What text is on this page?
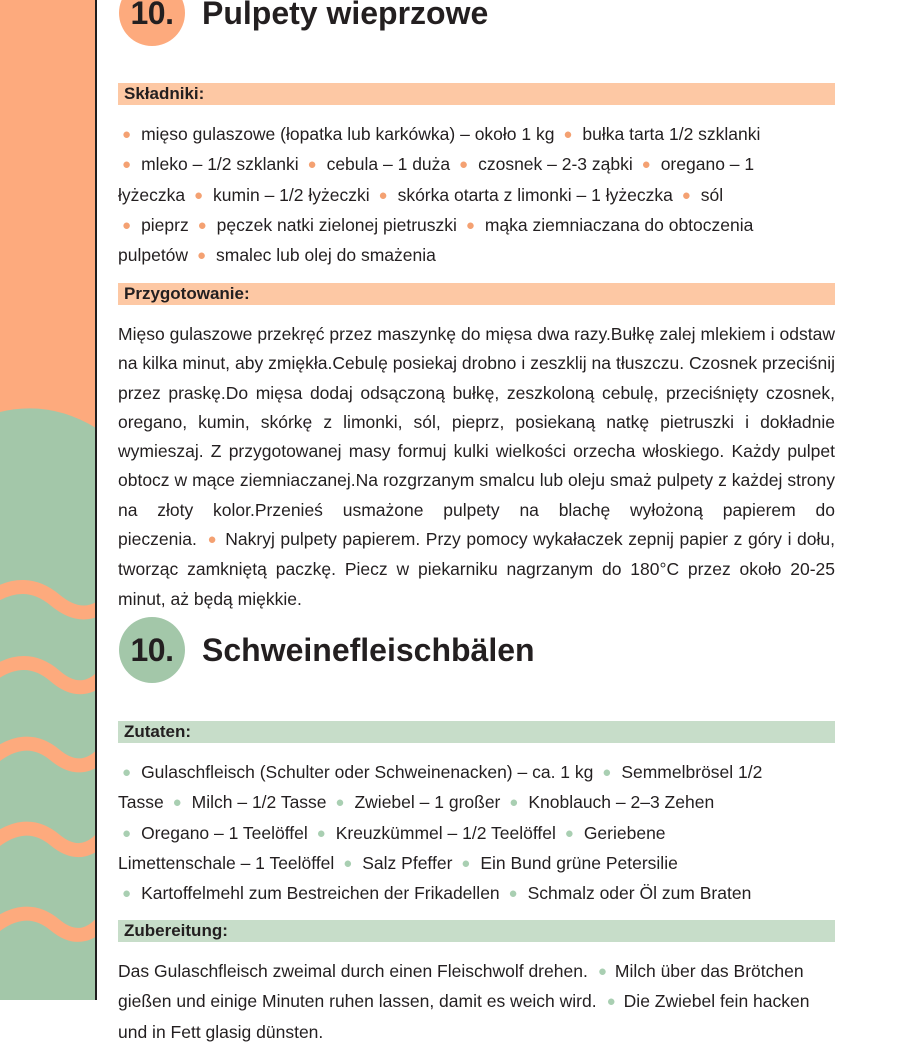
10. Pulpety wieprzowe
Składniki:
● mięso gulaszowe (łopatka lub karkówka) – około 1 kg ● bułka tarta 1/2 szklanki ● mleko – 1/2 szklanki ● cebula – 1 duża ● czosnek – 2-3 ząbki ● oregano – 1 łyżeczka ● kumin – 1/2 łyżeczki ● skórka otarta z limonki – 1 łyżeczka ● sól ● pieprz ● pęczek natki zielonej pietruszki ● mąka ziemniaczana do obtoczenia pulpetów ● smalec lub olej do smażenia
Przygotowanie:
Mięso gulaszowe przekręć przez maszynkę do mięsa dwa razy.Bułkę zalej mlekiem i odstaw na kilka minut, aby zmiękła.Cebulę posiekaj drobno i zeszklij na tłuszczu. Czosnek przeciśnij przez praskę.Do mięsa dodaj odsączoną bułkę, zeszkoloną cebulę, przeciśnięty czosnek, oregano, kumin, skórkę z limonki, sól, pieprz, posiekaną natkę pietruszki i dokładnie wymieszaj. Z przygotowanej masy formuj kulki wielkości orzecha włoskiego. Każdy pulpet obtocz w mące ziemniaczanej.Na rozgrzanym smalcu lub oleju smaż pulpety z każdej strony na złoty kolor.Przenieś usmażone pulpety na blachę wyłożoną papierem do pieczenia. ● Nakryj pulpety papierem. Przy pomocy wykałaczek zepnij papier z góry i dołu, tworząc zamkniętą paczkę. Piecz w piekarniku nagrzanym do 180°C przez około 20-25 minut, aż będą miękkie.
10. Schweinefleischbälen
Zutaten:
● Gulaschfleisch (Schulter oder Schweinenacken) – ca. 1 kg ● Semmelbrösel 1/2 Tasse ● Milch – 1/2 Tasse ● Zwiebel – 1 großer ● Knoblauch – 2–3 Zehen ● Oregano – 1 Teelöffel ● Kreuzkümmel – 1/2 Teelöffel ● Geriebene Limettenschale – 1 Teelöffel ● Salz Pfeffer ● Ein Bund grüne Petersilie ● Kartoffelmehl zum Bestreichen der Frikadellen ● Schmalz oder Öl zum Braten
Zubereitung:
Das Gulaschfleisch zweimal durch einen Fleischwolf drehen. ● Milch über das Brötchen gießen und einige Minuten ruhen lassen, damit es weich wird. ● Die Zwiebel fein hacken und in Fett glasig dünsten.
